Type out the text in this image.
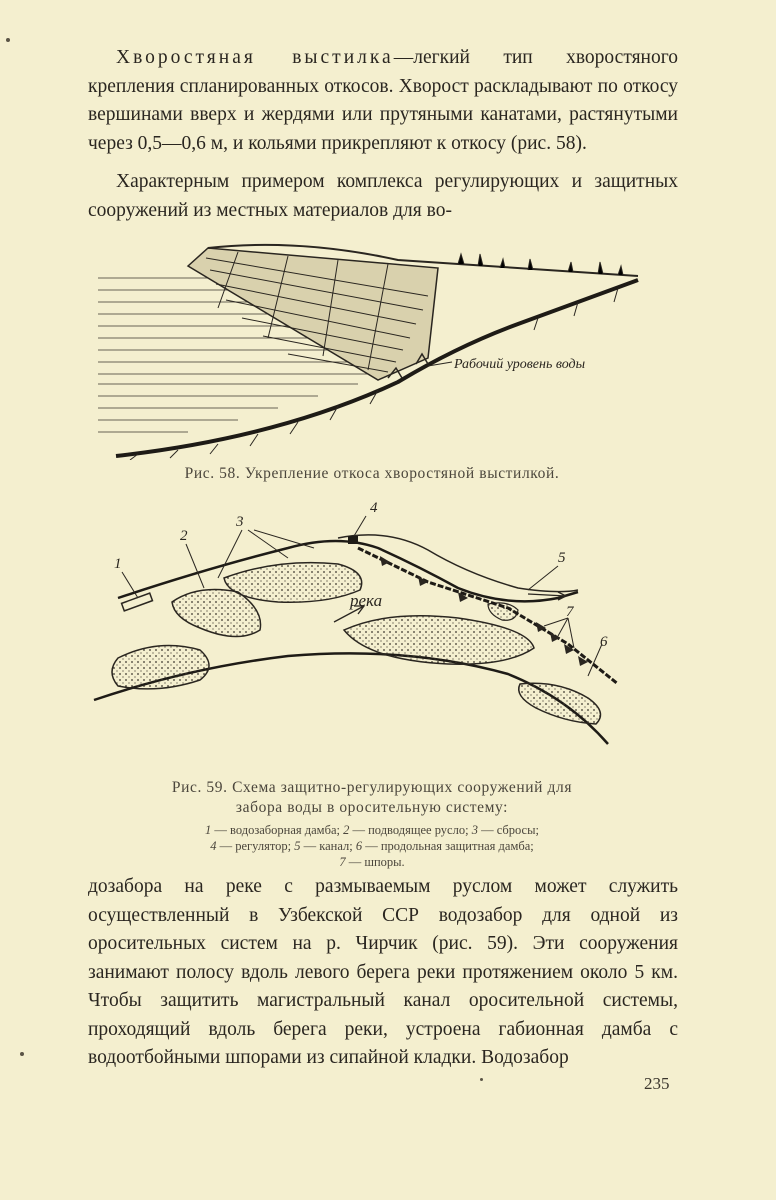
Хворостяная выстилка—легкий тип хворостяного крепления спланированных откосов. Хворост раскладывают по откосу вершинами вверх и жердями или прутяными канатами, растянутыми через 0,5—0,6 м, и кольями прикрепляют к откосу (рис. 58).

Характерным примером комплекса регулирующих и защитных сооружений из местных материалов для во-

Рабочий уровень воды
Рис. 58. Укрепление откоса хворостяной выстилкой.
1
2
3
4
5
6
7
река
Рис. 59. Схема защитно-регулирующих сооружений для
забора воды в оросительную систему:
1 — водозаборная дамба; 2 — подводящее русло; 3 — сбросы;
4 — регулятор; 5 — канал; 6 — продольная защитная дамба;
7 — шпоры.

дозабора на реке с размываемым руслом может служить осуществленный в Узбекской ССР водозабор для одной из оросительных систем на р. Чирчик (рис. 59). Эти сооружения занимают полосу вдоль левого берега реки протяжением около 5 км. Чтобы защитить магистральный канал оросительной системы, проходящий вдоль берега реки, устроена габионная дамба с водоотбойными шпорами из сипайной кладки. Водозабор

235
